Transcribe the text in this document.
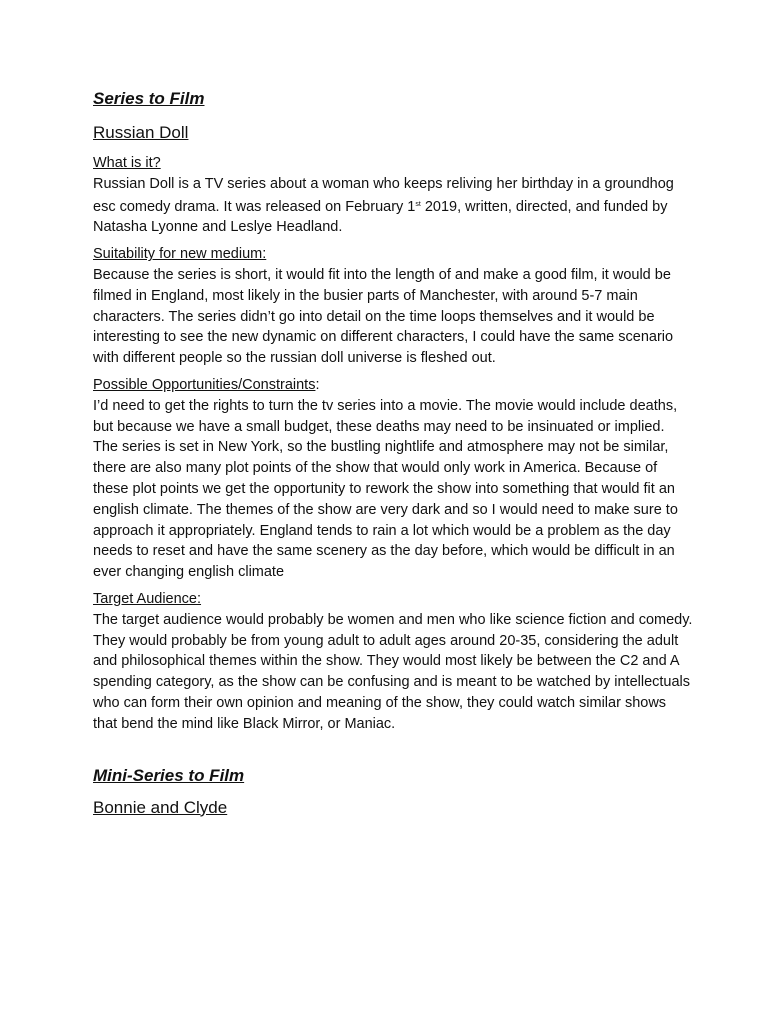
Series to Film

Russian Doll

What is it?

Russian Doll is a TV series about a woman who keeps reliving her birthday in a groundhog esc comedy drama. It was released on February 1st 2019, written, directed, and funded by Natasha Lyonne and Leslye Headland.

Suitability for new medium:

Because the series is short, it would fit into the length of and make a good film, it would be filmed in England, most likely in the busier parts of Manchester, with around 5-7 main characters. The series didn’t go into detail on the time loops themselves and it would be interesting to see the new dynamic on different characters, I could have the same scenario with different people so the russian doll universe is fleshed out.

Possible Opportunities/Constraints:

I’d need to get the rights to turn the tv series into a movie. The movie would include deaths, but because we have a small budget, these deaths may need to be insinuated or implied. The series is set in New York, so the bustling nightlife and atmosphere may not be similar, there are also many plot points of the show that would only work in America. Because of these plot points we get the opportunity to rework the show into something that would fit an english climate. The themes of the show are very dark and so I would need to make sure to approach it appropriately. England tends to rain a lot which would be a problem as the day needs to reset and have the same scenery as the day before, which would be difficult in an ever changing english climate

Target Audience:

The target audience would probably be women and men who like science fiction and comedy. They would probably be from young adult to adult ages around 20-35, considering the adult and philosophical themes within the show. They would most likely be between the C2 and A spending category, as the show can be confusing and is meant to be watched by intellectuals who can form their own opinion and meaning of the show, they could watch similar shows that bend the mind like Black Mirror, or Maniac.

Mini-Series to Film

Bonnie and Clyde
